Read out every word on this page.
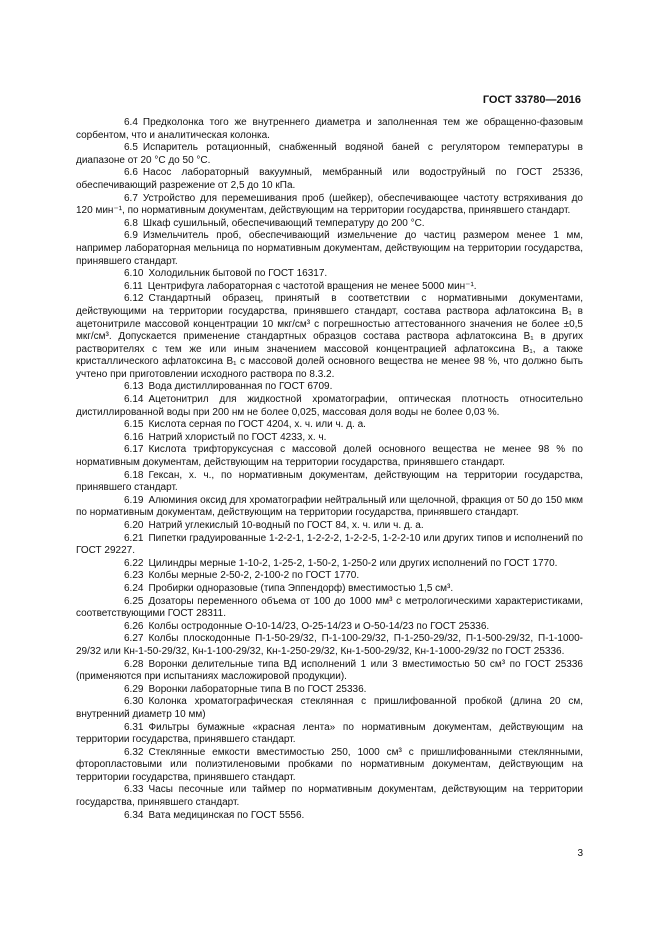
ГОСТ 33780—2016

6.4 Предколонка того же внутреннего диаметра и заполненная тем же обращенно-фазовым сорбентом, что и аналитическая колонка.

6.5 Испаритель ротационный, снабженный водяной баней с регулятором температуры в диапазоне от 20 °С до 50 °С.

6.6 Насос лабораторный вакуумный, мембранный или водоструйный по ГОСТ 25336, обеспечивающий разрежение от 2,5 до 10 кПа.

6.7 Устройство для перемешивания проб (шейкер), обеспечивающее частоту встряхивания до 120 мин⁻¹, по нормативным документам, действующим на территории государства, принявшего стандарт.

6.8 Шкаф сушильный, обеспечивающий температуру до 200 °С.

6.9 Измельчитель проб, обеспечивающий измельчение до частиц размером менее 1 мм, например лабораторная мельница по нормативным документам, действующим на территории государства, принявшего стандарт.

6.10 Холодильник бытовой по ГОСТ 16317.

6.11 Центрифуга лабораторная с частотой вращения не менее 5000 мин⁻¹.

6.12 Стандартный образец, принятый в соответствии с нормативными документами, действующими на территории государства, принявшего стандарт, состава раствора афлатоксина B₁ в ацетонитриле массовой концентрации 10 мкг/см³ с погрешностью аттестованного значения не более ±0,5 мкг/см³. Допускается применение стандартных образцов состава раствора афлатоксина B₁ в других растворителях с тем же или иным значением массовой концентрацией афлатоксина B₁, а также кристаллического афлатоксина B₁ с массовой долей основного вещества не менее 98 %, что должно быть учтено при приготовлении исходного раствора по 8.3.2.

6.13 Вода дистиллированная по ГОСТ 6709.

6.14 Ацетонитрил для жидкостной хроматографии, оптическая плотность относительно дистиллированной воды при 200 нм не более 0,025, массовая доля воды не более 0,03 %.

6.15 Кислота серная по ГОСТ 4204, х. ч. или ч. д. а.

6.16 Натрий хлористый по ГОСТ 4233, х. ч.

6.17 Кислота трифторуксусная с массовой долей основного вещества не менее 98 % по нормативным документам, действующим на территории государства, принявшего стандарт.

6.18 Гексан, х. ч., по нормативным документам, действующим на территории государства, принявшего стандарт.

6.19 Алюминия оксид для хроматографии нейтральный или щелочной, фракция от 50 до 150 мкм по нормативным документам, действующим на территории государства, принявшего стандарт.

6.20 Натрий углекислый 10-водный по ГОСТ 84, х. ч. или ч. д. а.

6.21 Пипетки градуированные 1-2-2-1, 1-2-2-2, 1-2-2-5, 1-2-2-10 или других типов и исполнений по ГОСТ 29227.

6.22 Цилиндры мерные 1-10-2, 1-25-2, 1-50-2, 1-250-2 или других исполнений по ГОСТ 1770.

6.23 Колбы мерные 2-50-2, 2-100-2 по ГОСТ 1770.

6.24 Пробирки одноразовые (типа Эппендорф) вместимостью 1,5 см³.

6.25 Дозаторы переменного объема от 100 до 1000 мм³ с метрологическими характеристиками, соответствующими ГОСТ 28311.

6.26 Колбы остродонные О-10-14/23, О-25-14/23 и О-50-14/23 по ГОСТ 25336.

6.27 Колбы плоскодонные П-1-50-29/32, П-1-100-29/32, П-1-250-29/32, П-1-500-29/32, П-1-1000-29/32 или Кн-1-50-29/32, Кн-1-100-29/32, Кн-1-250-29/32, Кн-1-500-29/32, Кн-1-1000-29/32 по ГОСТ 25336.

6.28 Воронки делительные типа ВД исполнений 1 или 3 вместимостью 50 см³ по ГОСТ 25336 (применяются при испытаниях масложировой продукции).

6.29 Воронки лабораторные типа В по ГОСТ 25336.

6.30 Колонка хроматографическая стеклянная с пришлифованной пробкой (длина 20 см, внутренний диаметр 10 мм)

6.31 Фильтры бумажные «красная лента» по нормативным документам, действующим на территории государства, принявшего стандарт.

6.32 Стеклянные емкости вместимостью 250, 1000 см³ с пришлифованными стеклянными, фторопластовыми или полиэтиленовыми пробками по нормативным документам, действующим на территории государства, принявшего стандарт.

6.33 Часы песочные или таймер по нормативным документам, действующим на территории государства, принявшего стандарт.

6.34 Вата медицинская по ГОСТ 5556.

3
